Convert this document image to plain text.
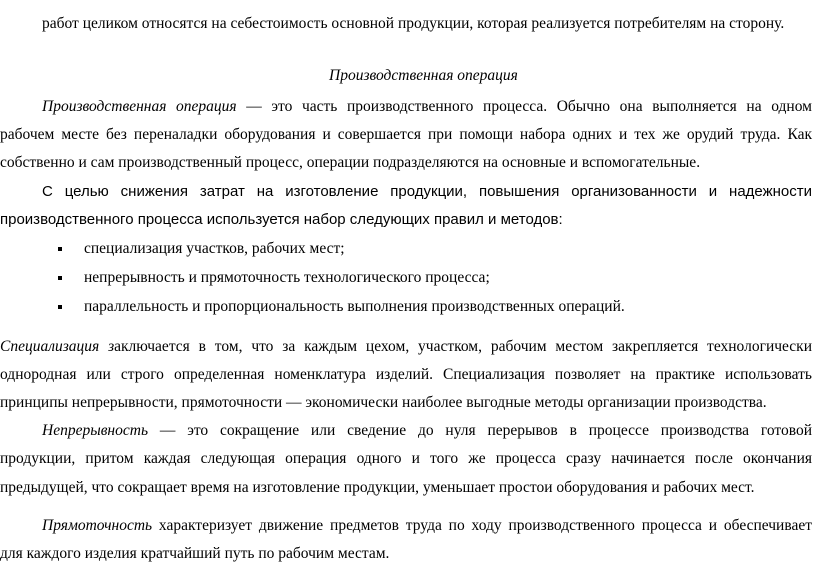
работ целиком относятся на себестоимость основной продукции, которая реализуется потребителям на сторону.
Производственная операция
Производственная операция — это часть производственного процесса. Обычно она выполняется на одном
рабочем месте без переналадки оборудования и совершается при помощи набора одних и тех же орудий труда. Как
собственно и сам производственный процесс, операции подразделяются на основные и вспомогательные.
С целью снижения затрат на изготовление продукции, повышения организованности и надежности
производственного процесса используется набор следующих правил и методов:
специализация участков, рабочих мест;
непрерывность и прямоточность технологического процесса;
параллельность и пропорциональность выполнения производственных операций.
Специализация заключается в том, что за каждым цехом, участком, рабочим местом закрепляется технологически
однородная или строго определенная номенклатура изделий. Специализация позволяет на практике использовать
принципы непрерывности, прямоточности — экономически наиболее выгодные методы организации производства.
Непрерывность — это сокращение или сведение до нуля перерывов в процессе производства готовой
продукции, притом каждая следующая операция одного и того же процесса сразу начинается после окончания
предыдущей, что сокращает время на изготовление продукции, уменьшает простои оборудования и рабочих мест.
Прямоточность характеризует движение предметов труда по ходу производственного процесса и обеспечивает
для каждого изделия кратчайший путь по рабочим местам.
